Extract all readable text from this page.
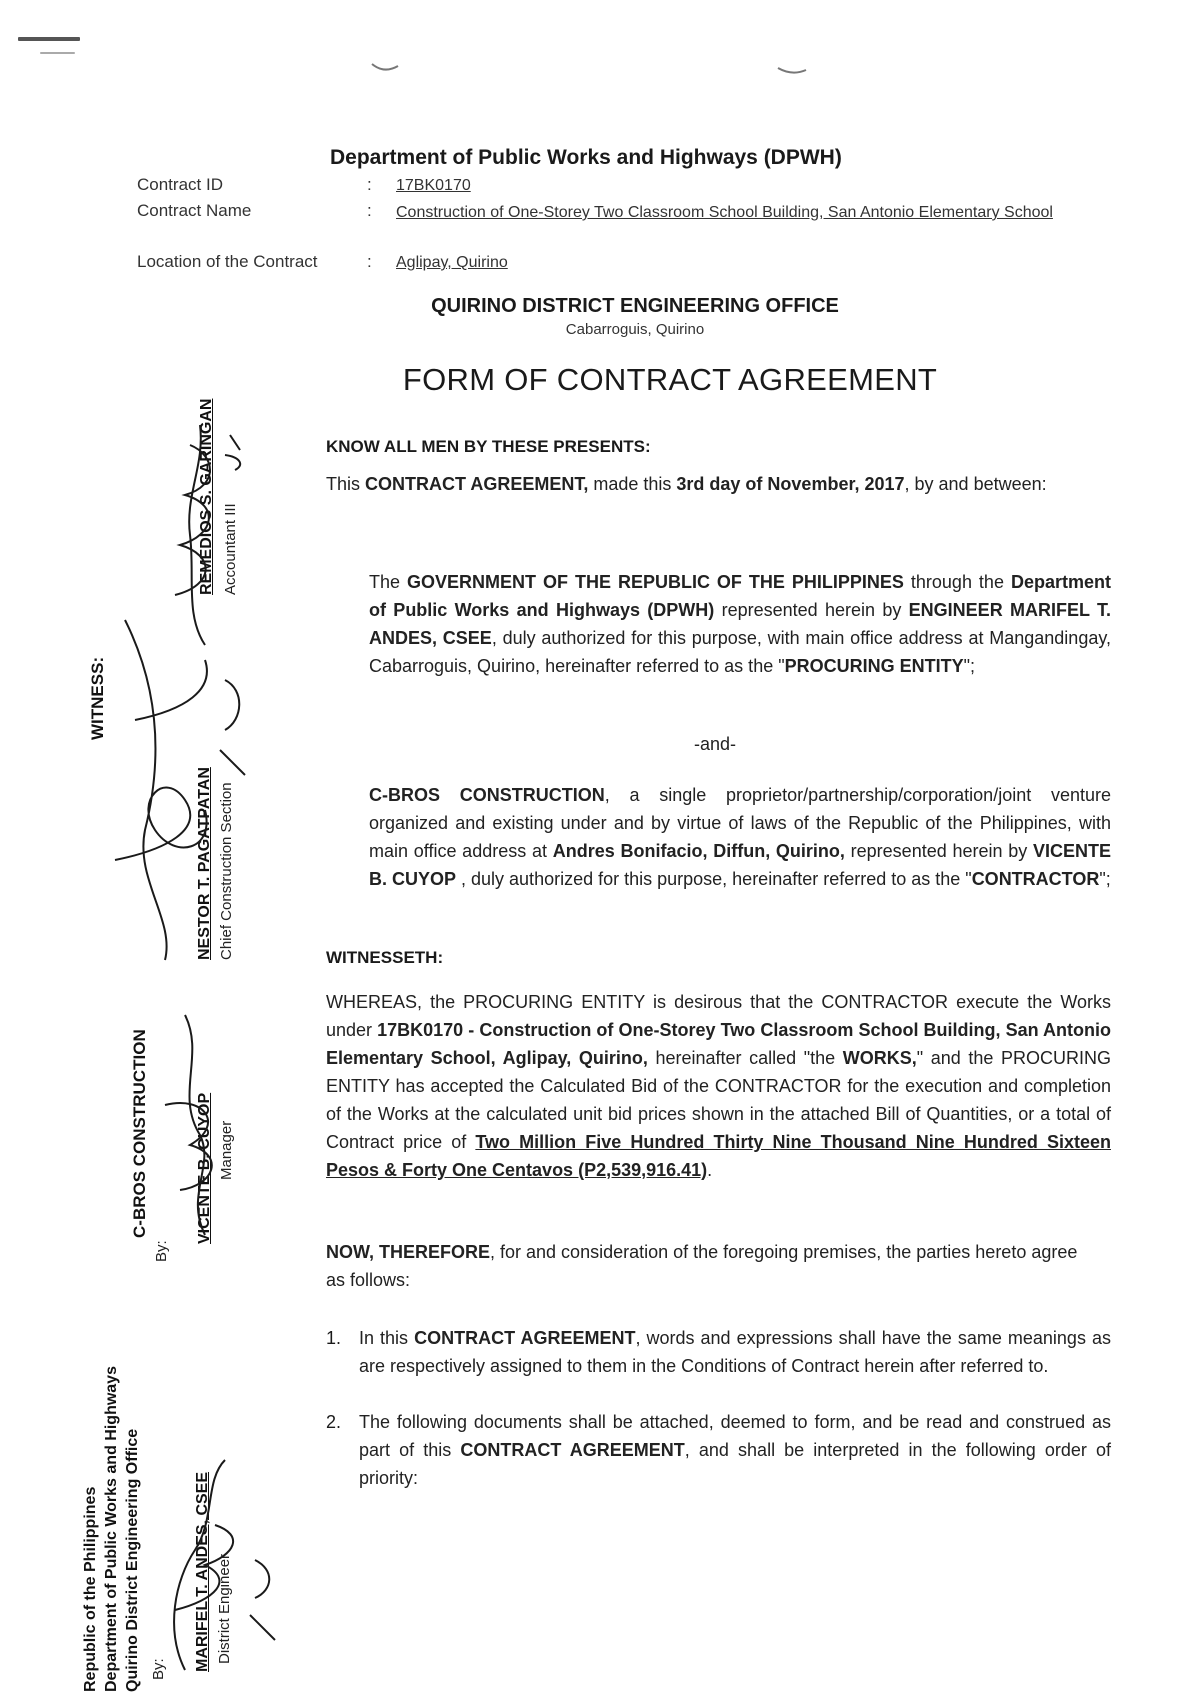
Department of Public Works and Highways (DPWH)
Contract ID	: 17BK0170
Contract Name	: Construction of One-Storey Two Classroom School Building, San Antonio Elementary School
Location of the Contract	: Aglipay, Quirino
QUIRINO DISTRICT ENGINEERING OFFICE
Cabarroguis, Quirino
FORM OF CONTRACT AGREEMENT
KNOW ALL MEN BY THESE PRESENTS:

This CONTRACT AGREEMENT, made this 3rd day of November, 2017, by and between:

The GOVERNMENT OF THE REPUBLIC OF THE PHILIPPINES through the Department of Public Works and Highways (DPWH) represented herein by ENGINEER MARIFEL T. ANDES, CSEE, duly authorized for this purpose, with main office address at Mangandingay, Cabarroguis, Quirino, hereinafter referred to as the "PROCURING ENTITY";

-and-

C-BROS CONSTRUCTION, a single proprietor/partnership/corporation/joint venture organized and existing under and by virtue of laws of the Republic of the Philippines, with main office address at Andres Bonifacio, Diffun, Quirino, represented herein by VICENTE B. CUYOP , duly authorized for this purpose, hereinafter referred to as the "CONTRACTOR";

WITNESSETH:

WHEREAS, the PROCURING ENTITY is desirous that the CONTRACTOR execute the Works under 17BK0170 - Construction of One-Storey Two Classroom School Building, San Antonio Elementary School, Aglipay, Quirino, hereinafter called "the WORKS," and the PROCURING ENTITY has accepted the Calculated Bid of the CONTRACTOR for the execution and completion of the Works at the calculated unit bid prices shown in the attached Bill of Quantities, or a total of Contract price of Two Million Five Hundred Thirty Nine Thousand Nine Hundred Sixteen Pesos & Forty One Centavos (P2,539,916.41).

NOW, THEREFORE, for and consideration of the foregoing premises, the parties hereto agree as follows:

1. In this CONTRACT AGREEMENT, words and expressions shall have the same meanings as are respectively assigned to them in the Conditions of Contract herein after referred to.

2. The following documents shall be attached, deemed to form, and be read and construed as part of this CONTRACT AGREEMENT, and shall be interpreted in the following order of priority:

WITNESS:
REMEDIOS S. GARINGAN Accountant III
NESTOR T. PAGATPATAN Chief Construction Section
C-BROS CONSTRUCTION
By:
VICENTE B. CUYOP Manager
Republic of the Philippines Department of Public Works and Highways Quirino District Engineering Office By: MARIFEL T. ANDES, CSEE District Engineer
